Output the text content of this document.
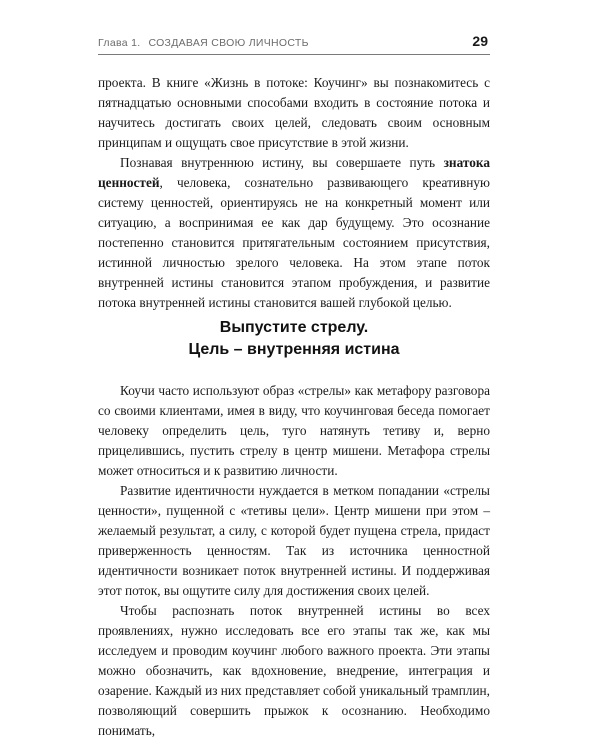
Глава 1. СОЗДАВАЯ СВОЮ ЛИЧНОСТЬ	29

проекта. В книге «Жизнь в потоке: Коучинг» вы познакомитесь с пятнадцатью основными способами входить в состояние потока и научитесь достигать своих целей, следовать своим основным принципам и ощущать свое присутствие в этой жизни.

Познавая внутреннюю истину, вы совершаете путь знатока ценностей, человека, сознательно развивающего креативную систему ценностей, ориентируясь не на конкретный момент или ситуацию, а воспринимая ее как дар будущему. Это осознание постепенно становится притягательным состоянием присутствия, истинной личностью зрелого человека. На этом этапе поток внутренней истины становится этапом пробуждения, и развитие потока внутренней истины становится вашей глубокой целью.

Выпустите стрелу.
Цель – внутренняя истина

Коучи часто используют образ «стрелы» как метафору разговора со своими клиентами, имея в виду, что коучинговая беседа помогает человеку определить цель, туго натянуть тетиву и, верно прицелившись, пустить стрелу в центр мишени. Метафора стрелы может относиться и к развитию личности.

Развитие идентичности нуждается в метком попадании «стрелы ценности», пущенной с «тетивы цели». Центр мишени при этом – желаемый результат, а силу, с которой будет пущена стрела, придаст приверженность ценностям. Так из источника ценностной идентичности возникает поток внутренней истины. И поддерживая этот поток, вы ощутите силу для достижения своих целей.

Чтобы распознать поток внутренней истины во всех проявлениях, нужно исследовать все его этапы так же, как мы исследуем и проводим коучинг любого важного проекта. Эти этапы можно обозначить, как вдохновение, внедрение, интеграция и озарение. Каждый из них представляет собой уникальный трамплин, позволяющий совершить прыжок к осознанию. Необходимо понимать,
